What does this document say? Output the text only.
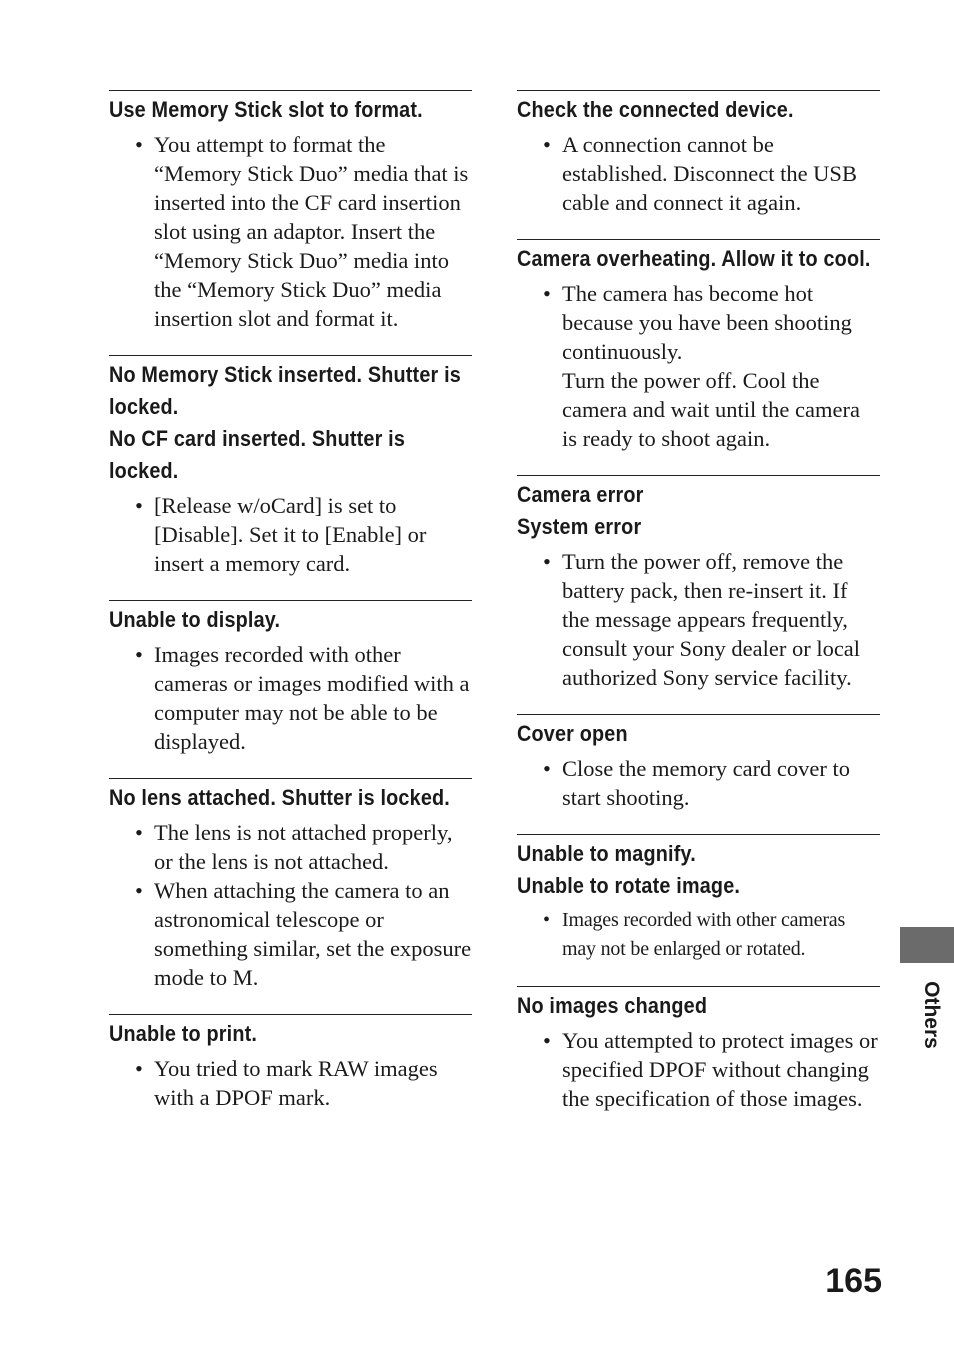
Use Memory Stick slot to format.
• You attempt to format the “Memory Stick Duo” media that is inserted into the CF card insertion slot using an adaptor. Insert the “Memory Stick Duo” media into the “Memory Stick Duo” media insertion slot and format it.
No Memory Stick inserted. Shutter is locked.
No CF card inserted. Shutter is locked.
• [Release w/oCard] is set to [Disable]. Set it to [Enable] or insert a memory card.
Unable to display.
• Images recorded with other cameras or images modified with a computer may not be able to be displayed.
No lens attached. Shutter is locked.
• The lens is not attached properly, or the lens is not attached.
• When attaching the camera to an astronomical telescope or something similar, set the exposure mode to M.
Unable to print.
• You tried to mark RAW images with a DPOF mark.
Check the connected device.
• A connection cannot be established. Disconnect the USB cable and connect it again.
Camera overheating. Allow it to cool.
• The camera has become hot because you have been shooting continuously.
Turn the power off. Cool the camera and wait until the camera is ready to shoot again.
Camera error
System error
• Turn the power off, remove the battery pack, then re-insert it. If the message appears frequently, consult your Sony dealer or local authorized Sony service facility.
Cover open
• Close the memory card cover to start shooting.
Unable to magnify.
Unable to rotate image.
• Images recorded with other cameras may not be enlarged or rotated.
No images changed
• You attempted to protect images or specified DPOF without changing the specification of those images.
Others
165
